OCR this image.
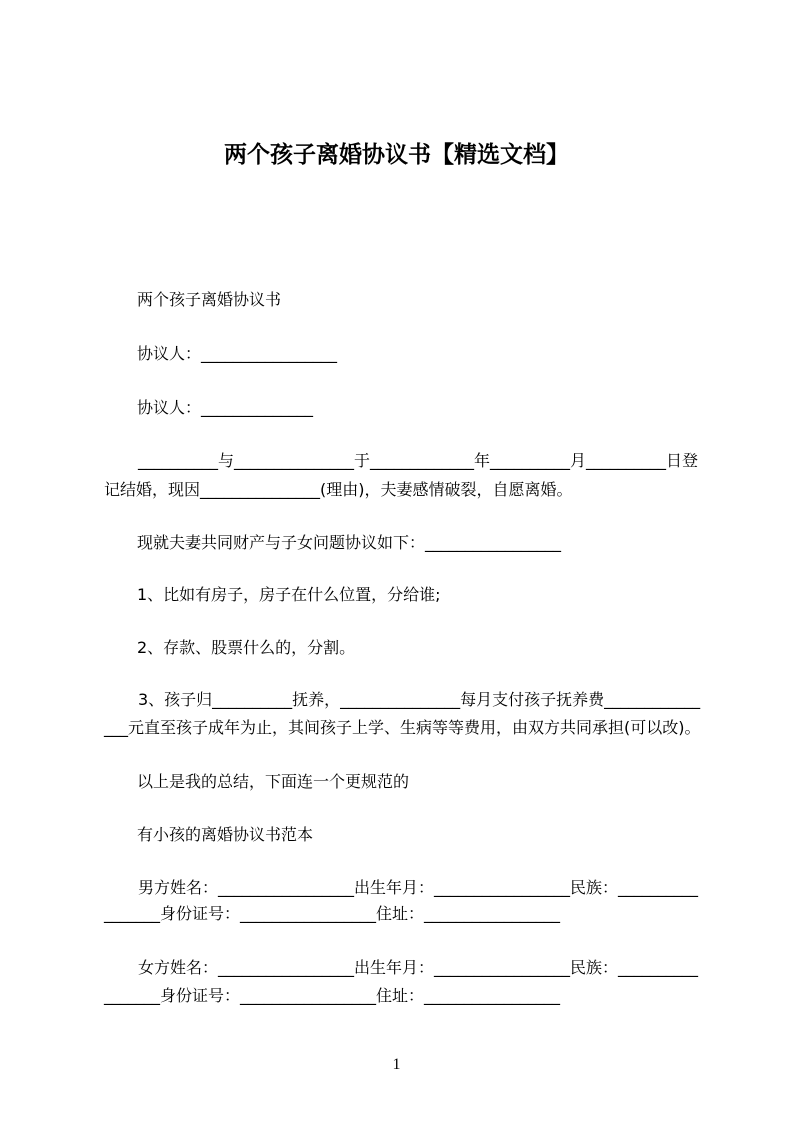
两个孩子离婚协议书【精选文档】
两个孩子离婚协议书
协议人：_________________
协议人：______________
__________与_______________于_____________年__________月__________日登
记结婚，现因_______________(理由)，夫妻感情破裂，自愿离婚。
现就夫妻共同财产与子女问题协议如下：_________________
1、比如有房子，房子在什么位置，分给谁;
2、存款、股票什么的，分割。
3、孩子归__________抚养，_______________每月支付孩子抚养费____________
___元直至孩子成年为止，其间孩子上学、生病等等费用，由双方共同承担(可以改)。
以上是我的总结，下面连一个更规范的
有小孩的离婚协议书范本
男方姓名：_________________出生年月：_________________民族：__________
_______身份证号：_________________住址：_________________
女方姓名：_________________出生年月：_________________民族：__________
_______身份证号：_________________住址：_________________
1
